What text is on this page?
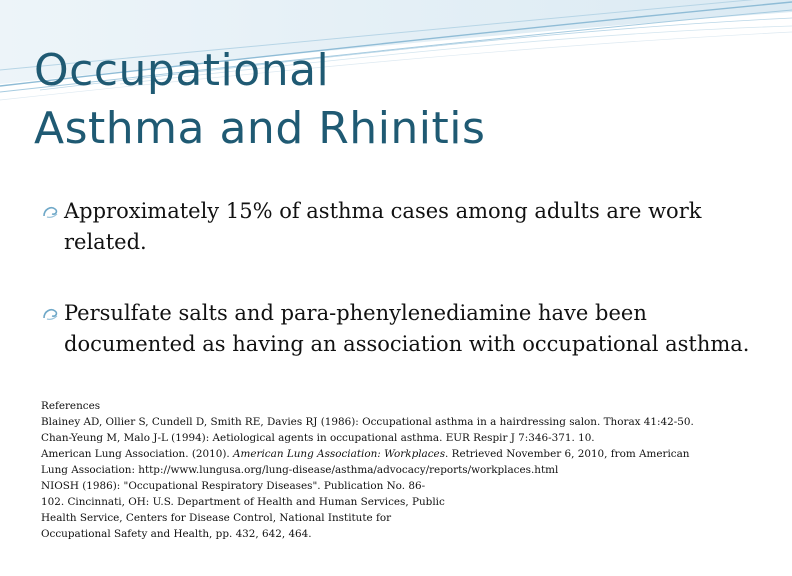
Occupational
Asthma and Rhinitis
Approximately 15% of asthma cases among adults are work related.
Persulfate salts and para-phenylenediamine have been documented as having an association with occupational asthma.
References
Blainey AD, Ollier S, Cundell D, Smith RE, Davies RJ (1986): Occupational asthma in a hairdressing salon. Thorax 41:42-50.
Chan-Yeung M, Malo J-L (1994): Aetiological agents in occupational asthma. EUR Respir J 7:346-371. 10.
American Lung Association. (2010). American Lung Association: Workplaces. Retrieved November 6, 2010, from American
Lung Association: http://www.lungusa.org/lung-disease/asthma/advocacy/reports/workplaces.html
NIOSH (1986): "Occupational Respiratory Diseases". Publication No. 86-
102. Cincinnati, OH: U.S. Department of Health and Human Services, Public
Health Service, Centers for Disease Control, National Institute for
Occupational Safety and Health, pp. 432, 642, 464.
